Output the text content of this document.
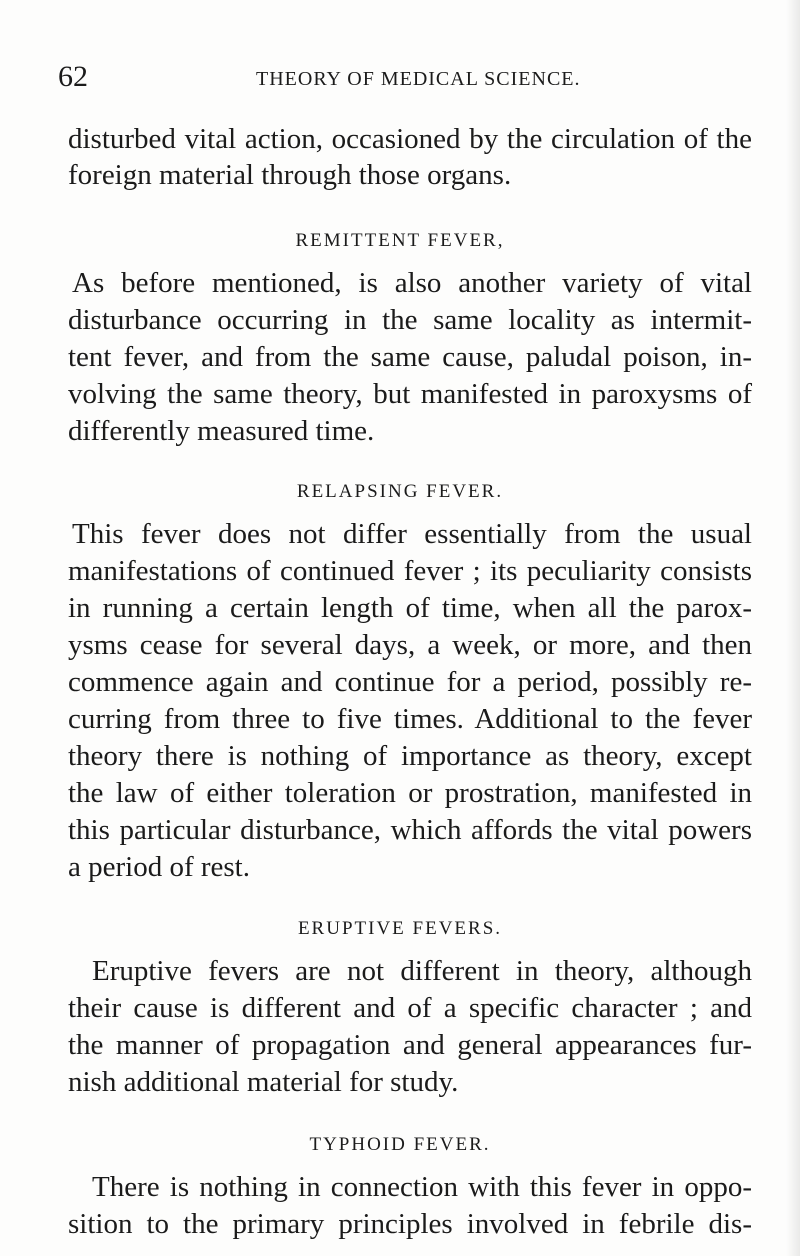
62	THEORY OF MEDICAL SCIENCE.
disturbed vital action, occasioned by the circulation of the
foreign material through those organs.
REMITTENT FEVER,
As before mentioned, is also another variety of vital
disturbance occurring in the same locality as intermit-
tent fever, and from the same cause, paludal poison, in-
volving the same theory, but manifested in paroxysms of
differently measured time.
RELAPSING FEVER.
This fever does not differ essentially from the usual
manifestations of continued fever ; its peculiarity consists
in running a certain length of time, when all the parox-
ysms cease for several days, a week, or more, and then
commence again and continue for a period, possibly re-
curring from three to five times. Additional to the fever
theory there is nothing of importance as theory, except
the law of either toleration or prostration, manifested in
this particular disturbance, which affords the vital powers
a period of rest.
ERUPTIVE FEVERS.
Eruptive fevers are not different in theory, although
their cause is different and of a specific character ; and
the manner of propagation and general appearances fur-
nish additional material for study.
TYPHOID FEVER.
There is nothing in connection with this fever in oppo-
sition to the primary principles involved in febrile dis-
